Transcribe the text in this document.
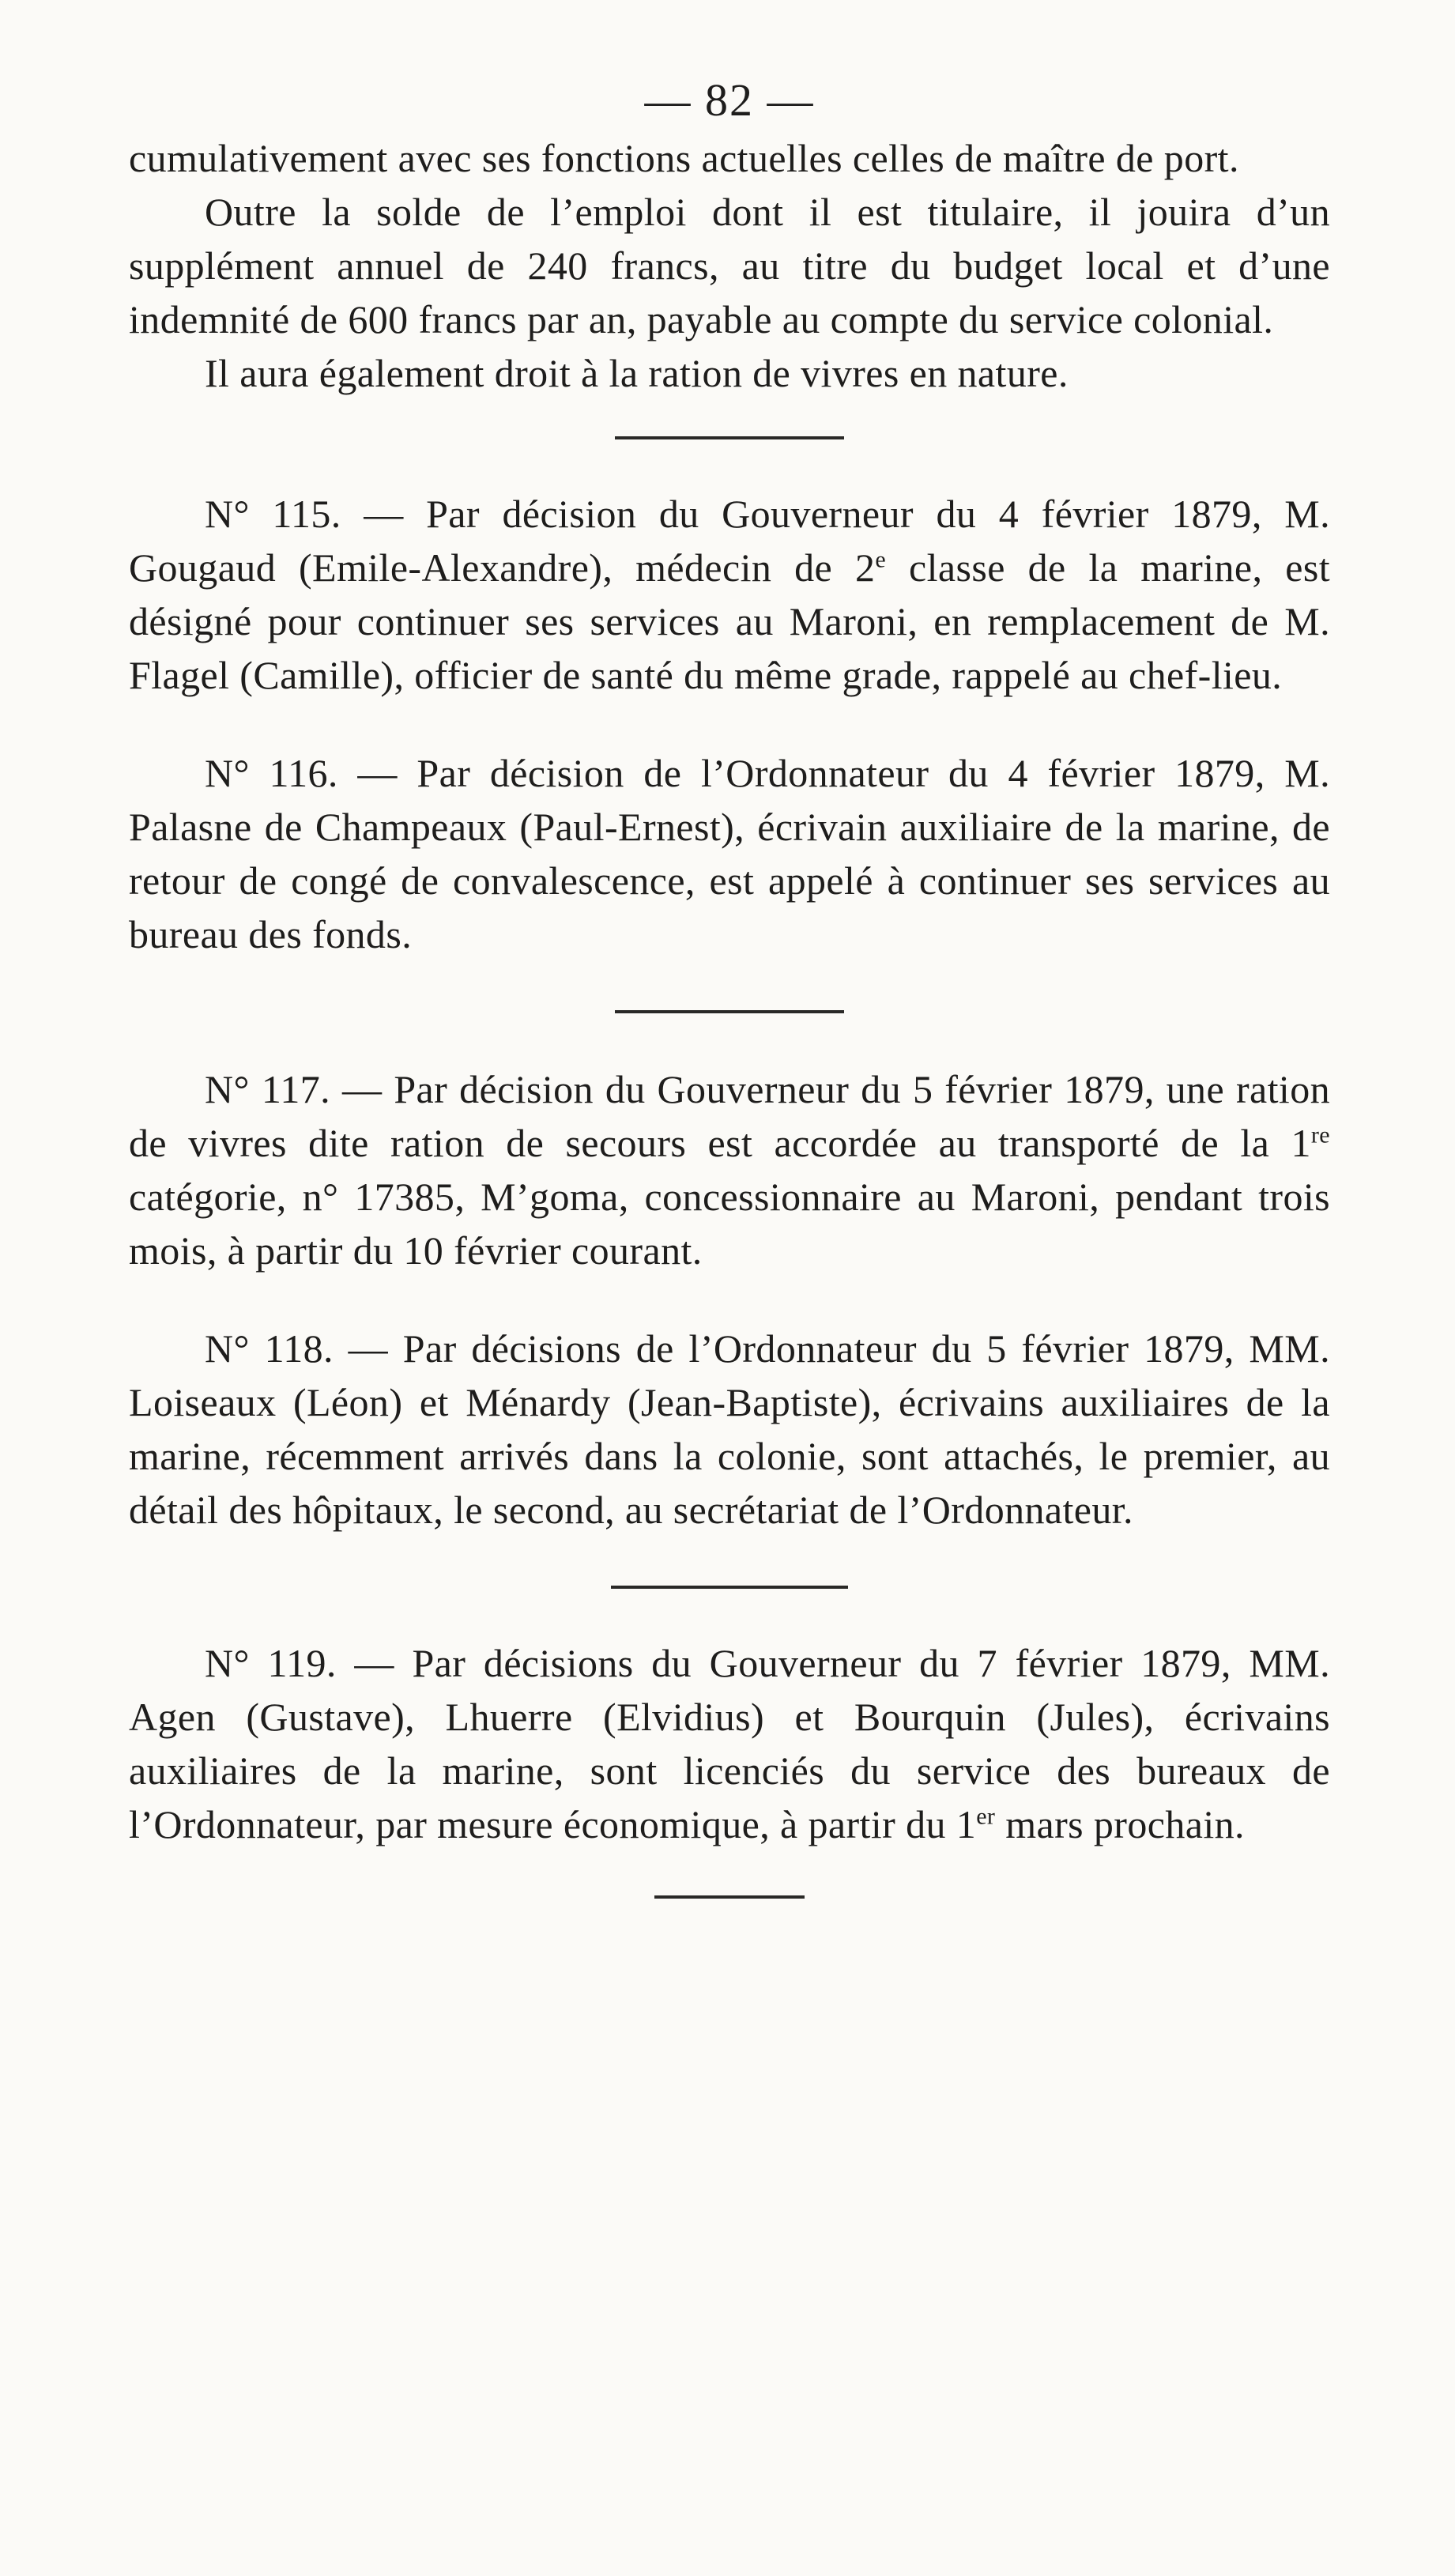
— 82 —

cumulativement avec ses fonctions actuelles celles de maître de port.

Outre la solde de l’emploi dont il est titulaire, il jouira d’un supplément annuel de 240 francs, au titre du budget local et d’une indemnité de 600 francs par an, payable au compte du service colonial.

Il aura également droit à la ration de vivres en nature.

N° 115. — Par décision du Gouverneur du 4 février 1879, M. Gougaud (Emile-Alexandre), médecin de 2e classe de la marine, est désigné pour continuer ses services au Maroni, en remplacement de M. Flagel (Camille), officier de santé du même grade, rappelé au chef-lieu.

N° 116. — Par décision de l’Ordonnateur du 4 février 1879, M. Palasne de Champeaux (Paul-Ernest), écrivain auxiliaire de la marine, de retour de congé de convalescence, est appelé à continuer ses services au bureau des fonds.

N° 117. — Par décision du Gouverneur du 5 février 1879, une ration de vivres dite ration de secours est accordée au transporté de la 1re catégorie, n° 17385, M’goma, concessionnaire au Maroni, pendant trois mois, à partir du 10 février courant.

N° 118. — Par décisions de l’Ordonnateur du 5 février 1879, MM. Loiseaux (Léon) et Ménardy (Jean-Baptiste), écrivains auxiliaires de la marine, récemment arrivés dans la colonie, sont attachés, le premier, au détail des hôpitaux, le second, au secrétariat de l’Ordonnateur.

N° 119. — Par décisions du Gouverneur du 7 février 1879, MM. Agen (Gustave), Lhuerre (Elvidius) et Bourquin (Jules), écrivains auxiliaires de la marine, sont licenciés du service des bureaux de l’Ordonnateur, par mesure économique, à partir du 1er mars prochain.
